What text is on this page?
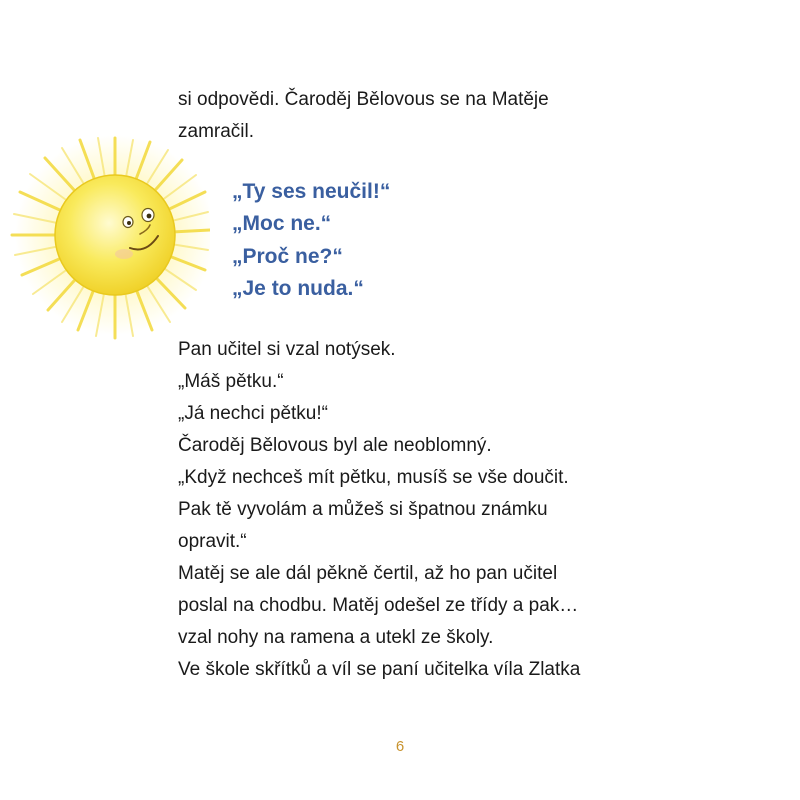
si odpovědi. Čaroděj Bělovous se na Matěje
zamračil.
„Ty ses neučil!“
„Moc ne.“
„Proč ne?“
„Je to nuda.“
Pan učitel si vzal notýsek.
„Máš pětku.“
„Já nechci pětku!“
Čaroděj Bělovous byl ale neoblomný.
„Když nechceš mít pětku, musíš se vše doučit.
Pak tě vyvolám a můžeš si špatnou známku
opravit.“
Matěj se ale dál pěkně čertil, až ho pan učitel
poslal na chodbu. Matěj odešel ze třídy a pak…
vzal nohy na ramena a utekl ze školy.
Ve škole skřítků a víl se paní učitelka víla Zlatka
6
